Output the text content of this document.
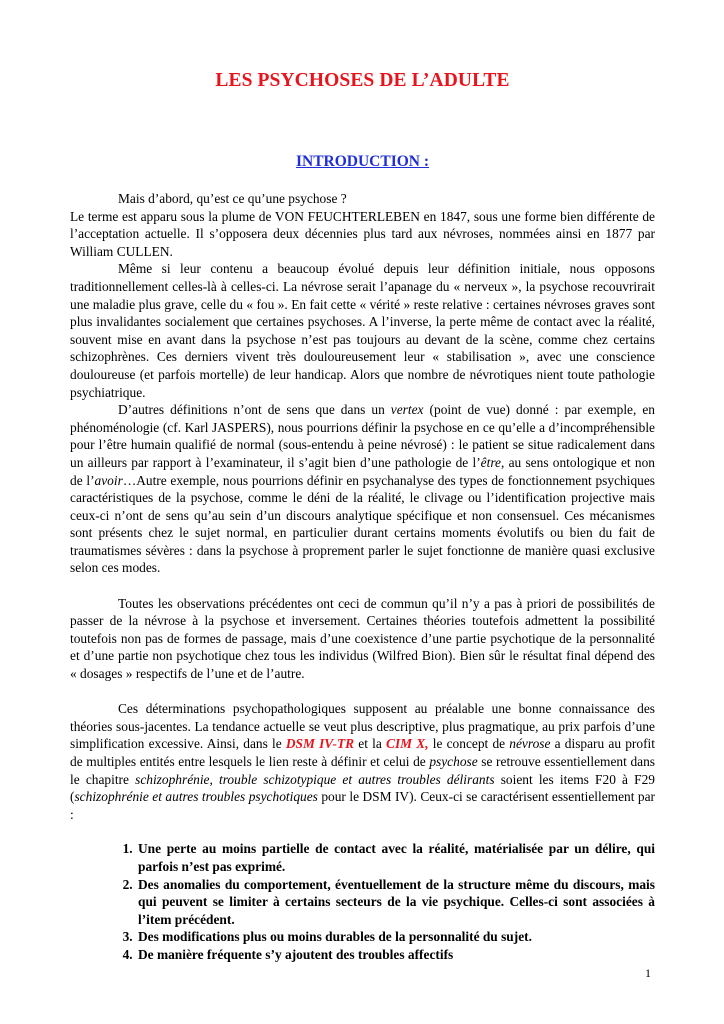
LES PSYCHOSES DE L’ADULTE
INTRODUCTION :

Mais d’abord, qu’est ce qu’une psychose ?

Le terme est apparu sous la plume de VON FEUCHTERLEBEN en 1847, sous une forme bien différente de l’acceptation actuelle. Il s’opposera deux décennies plus tard aux névroses, nommées ainsi en 1877 par William CULLEN.

Même si leur contenu a beaucoup évolué depuis leur définition initiale, nous opposons traditionnellement celles-là à celles-ci. La névrose serait l’apanage du « nerveux », la psychose recouvrirait une maladie plus grave, celle du « fou ». En fait cette « vérité » reste relative : certaines névroses graves sont plus invalidantes socialement que certaines psychoses. A l’inverse, la perte même de contact avec la réalité, souvent mise en avant dans la psychose n’est pas toujours au devant de la scène, comme chez certains schizophrènes. Ces derniers vivent très douloureusement leur « stabilisation », avec une conscience douloureuse (et parfois mortelle) de leur handicap. Alors que nombre de névrotiques nient toute pathologie psychiatrique.

D’autres définitions n’ont de sens que dans un vertex (point de vue) donné : par exemple, en phénoménologie (cf. Karl JASPERS), nous pourrions définir la psychose en ce qu’elle a d’incompréhensible pour l’être humain qualifié de normal (sous-entendu à peine névrosé) : le patient se situe radicalement dans un ailleurs par rapport à l’examinateur, il s’agit bien d’une pathologie de l’être, au sens ontologique et non de l’avoir…Autre exemple, nous pourrions définir en psychanalyse des types de fonctionnement psychiques caractéristiques de la psychose, comme le déni de la réalité, le clivage ou l’identification projective mais ceux-ci n’ont de sens qu’au sein d’un discours analytique spécifique et non consensuel. Ces mécanismes sont présents chez le sujet normal, en particulier durant certains moments évolutifs ou bien du fait de traumatismes sévères : dans la psychose à proprement parler le sujet fonctionne de manière quasi exclusive selon ces modes.

Toutes les observations précédentes ont ceci de commun qu’il n’y a pas à priori de possibilités de passer de la névrose à la psychose et inversement. Certaines théories toutefois admettent la possibilité toutefois non pas de formes de passage, mais d’une coexistence d’une partie psychotique de la personnalité et d’une partie non psychotique chez tous les individus (Wilfred Bion). Bien sûr le résultat final dépend des « dosages » respectifs de l’une et de l’autre.

Ces déterminations psychopathologiques supposent au préalable une bonne connaissance des théories sous-jacentes. La tendance actuelle se veut plus descriptive, plus pragmatique, au prix parfois d’une simplification excessive. Ainsi, dans le DSM IV-TR et la CIM X, le concept de névrose a disparu au profit de multiples entités entre lesquels le lien reste à définir et celui de psychose se retrouve essentiellement dans le chapitre schizophrénie, trouble schizotypique et autres troubles délirants soient les items F20 à F29 (schizophrénie et autres troubles psychotiques pour le DSM IV). Ceux-ci se caractérisent essentiellement par :

1. Une perte au moins partielle de contact avec la réalité, matérialisée par un délire, qui parfois n’est pas exprimé.
2. Des anomalies du comportement, éventuellement de la structure même du discours, mais qui peuvent se limiter à certains secteurs de la vie psychique. Celles-ci sont associées à l’item précédent.
3. Des modifications plus ou moins durables de la personnalité du sujet.
4. De manière fréquente s’y ajoutent des troubles affectifs
1
